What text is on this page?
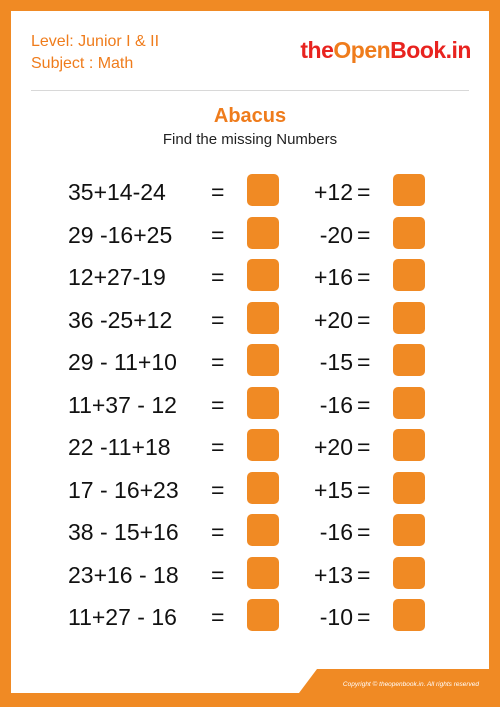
Level: Junior I & II
Subject : Math
theOpenBook.in
Abacus
Find the missing Numbers
35+14-24	=	+12 =
29 -16+25	=	-20 =
12+27-19	=	+16 =
36 -25+12	=	+20 =
29 - 11+10	=	-15 =
11+37 - 12	=	-16 =
22 -11+18	=	+20 =
17 - 16+23	=	+15 =
38 - 15+16	=	-16 =
23+16 - 18	=	+13 =
11+27 - 16	=	-10 =
Copyright © theopenbook.in. All rights reserved
